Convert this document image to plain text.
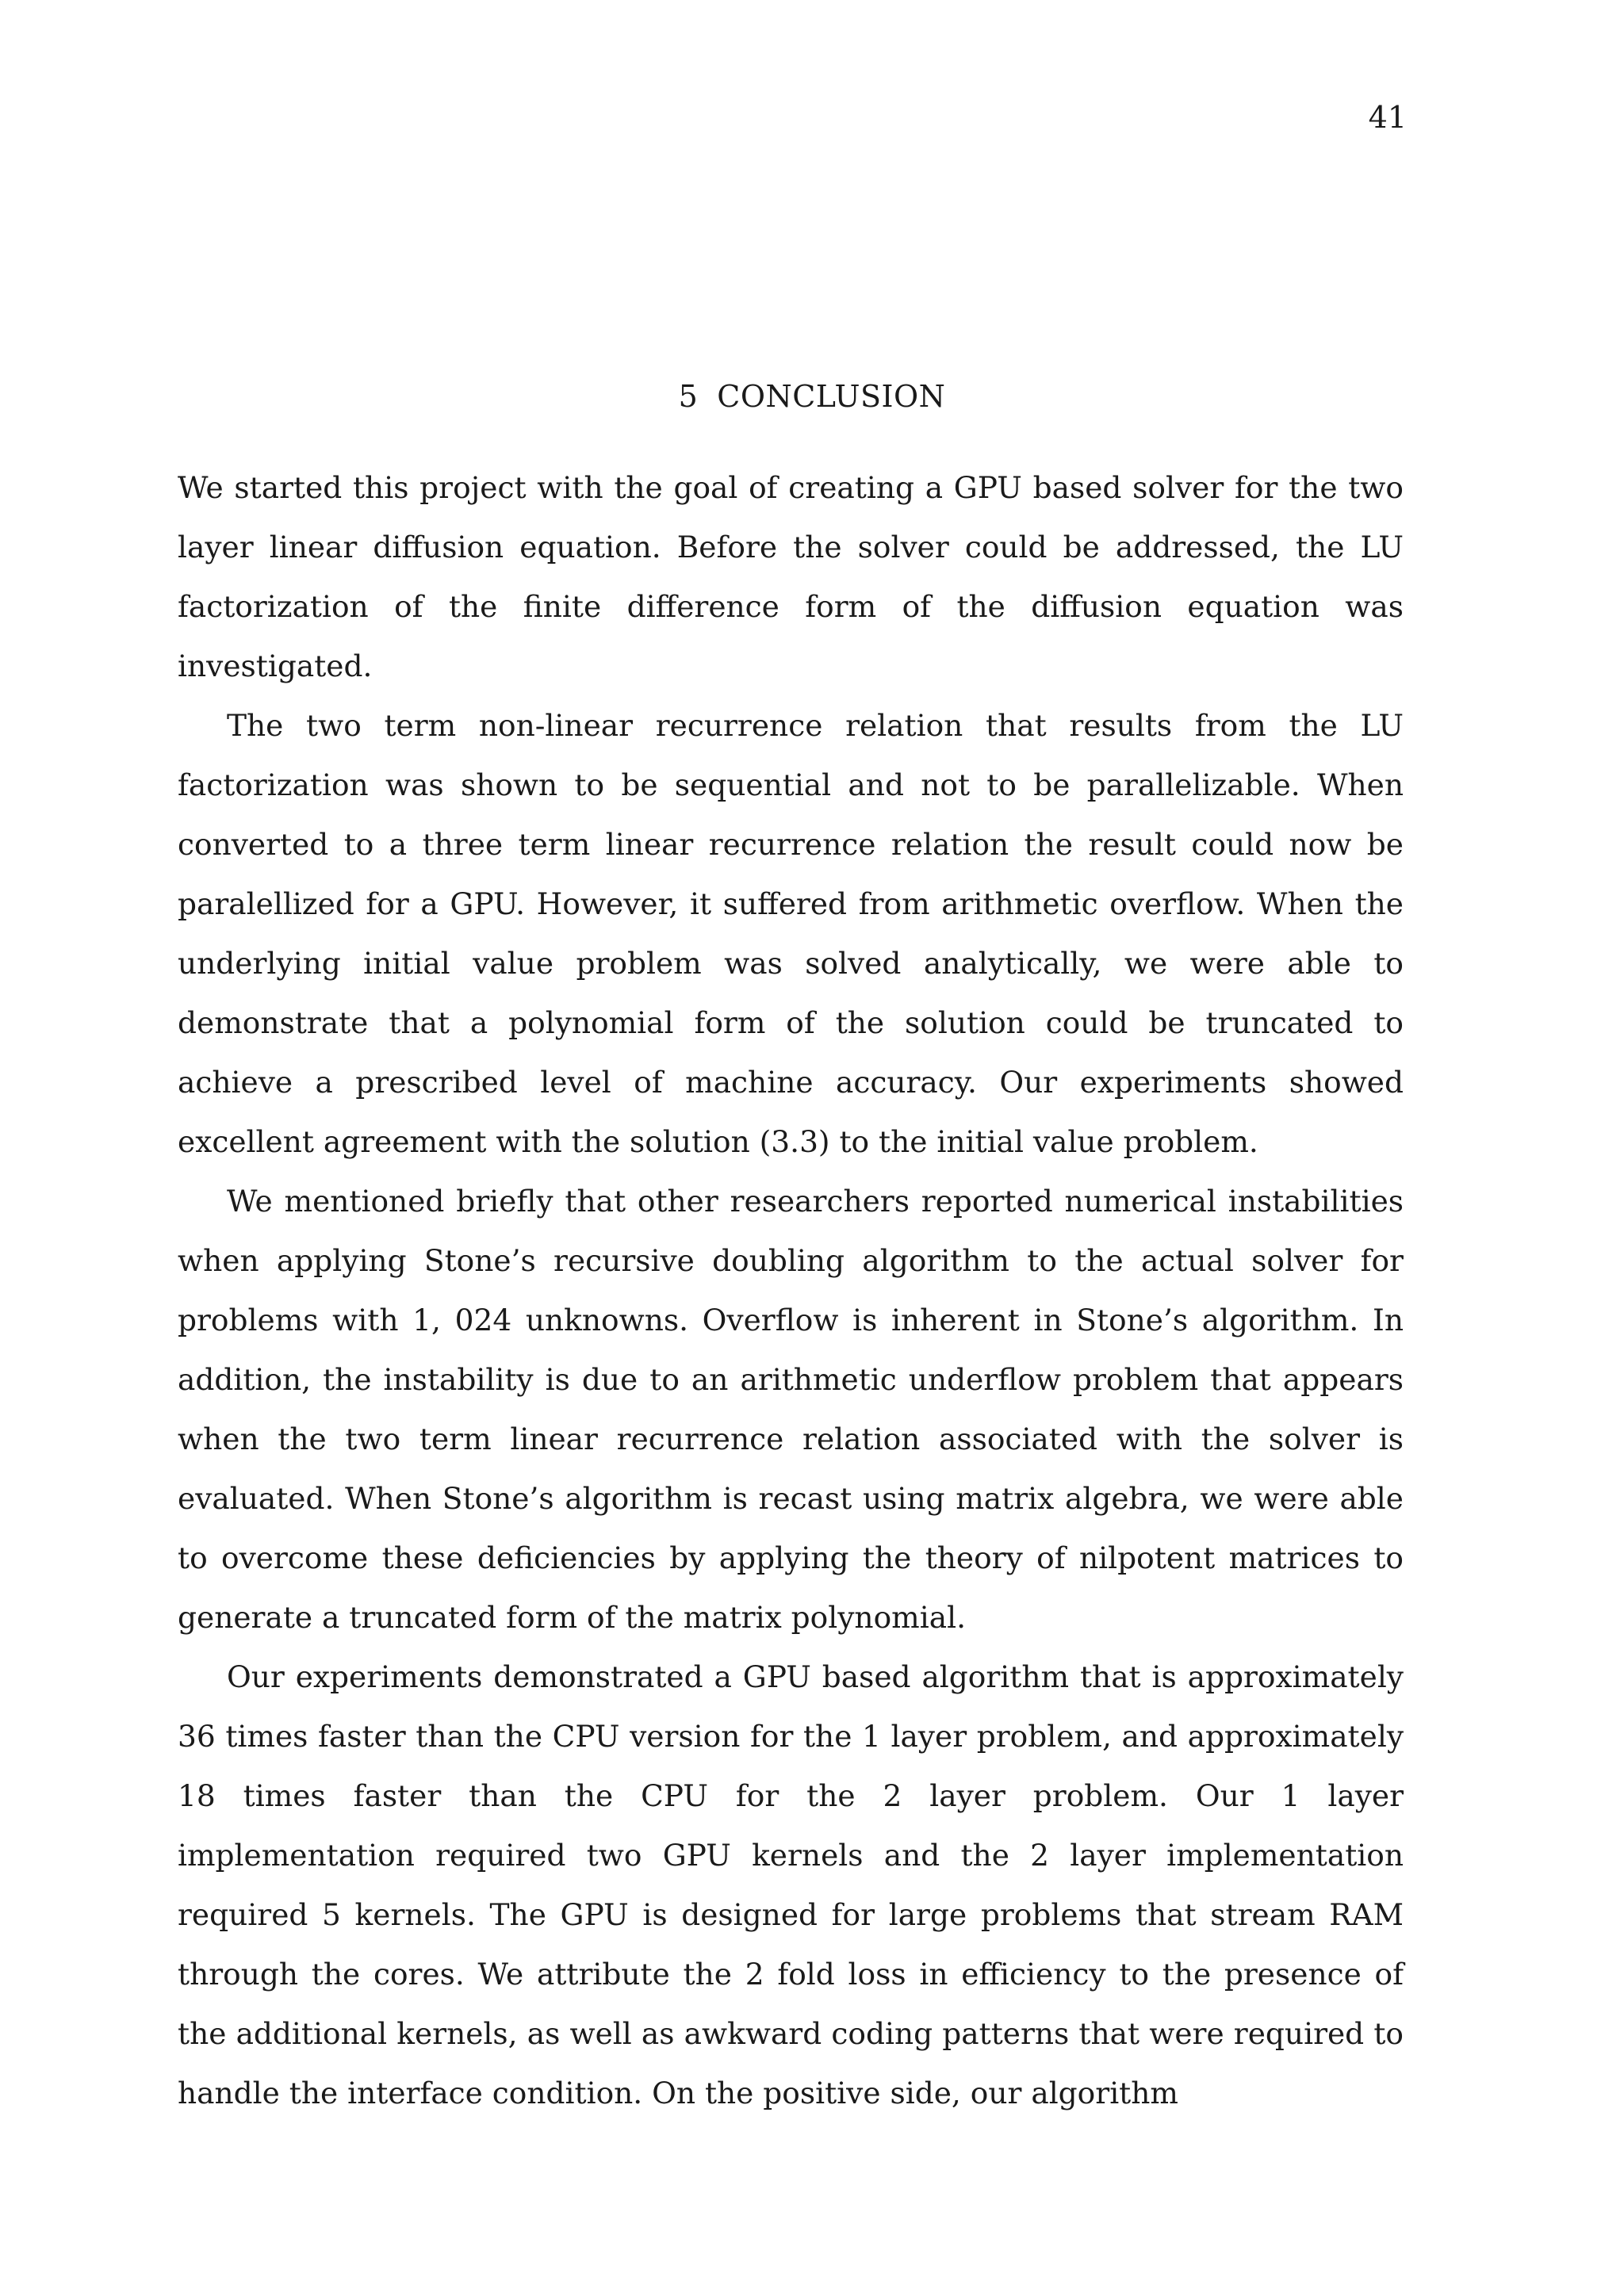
41
5 CONCLUSION

We started this project with the goal of creating a GPU based solver for the two layer linear diffusion equation. Before the solver could be addressed, the LU factorization of the finite difference form of the diffusion equation was investigated.

The two term non-linear recurrence relation that results from the LU factorization was shown to be sequential and not to be parallelizable. When converted to a three term linear recurrence relation the result could now be paralellized for a GPU. However, it suffered from arithmetic overflow. When the underlying initial value problem was solved analytically, we were able to demonstrate that a polynomial form of the solution could be truncated to achieve a prescribed level of machine accuracy. Our experiments showed excellent agreement with the solution (3.3) to the initial value problem.

We mentioned briefly that other researchers reported numerical instabilities when applying Stone’s recursive doubling algorithm to the actual solver for problems with 1, 024 unknowns. Overflow is inherent in Stone’s algorithm. In addition, the instability is due to an arithmetic underflow problem that appears when the two term linear recurrence relation associated with the solver is evaluated. When Stone’s algorithm is recast using matrix algebra, we were able to overcome these deficiencies by applying the theory of nilpotent matrices to generate a truncated form of the matrix polynomial.

Our experiments demonstrated a GPU based algorithm that is approximately 36 times faster than the CPU version for the 1 layer problem, and approximately 18 times faster than the CPU for the 2 layer problem. Our 1 layer implementation required two GPU kernels and the 2 layer implementation required 5 kernels. The GPU is designed for large problems that stream RAM through the cores. We attribute the 2 fold loss in efficiency to the presence of the additional kernels, as well as awkward coding patterns that were required to handle the interface condition. On the positive side, our algorithm
